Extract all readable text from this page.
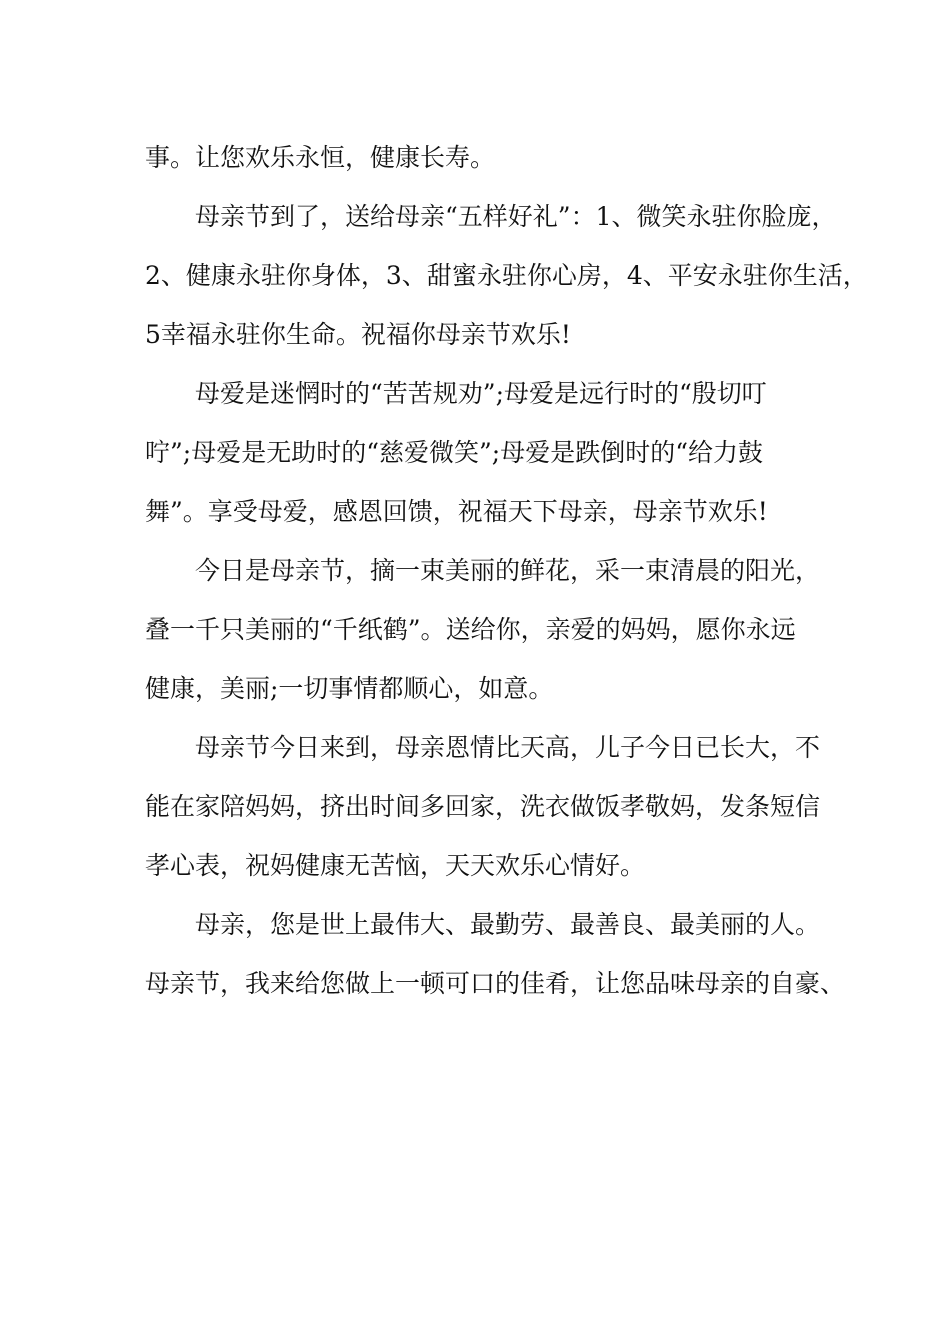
事。让您欢乐永恒，健康长寿。
母亲节到了，送给母亲“五样好礼”：1、微笑永驻你脸庞，
2、健康永驻你身体，3、甜蜜永驻你心房，4、平安永驻你生活，
5幸福永驻你生命。祝福你母亲节欢乐!
母爱是迷惘时的“苦苦规劝”;母爱是远行时的“殷切叮
咛”;母爱是无助时的“慈爱微笑”;母爱是跌倒时的“给力鼓
舞”。享受母爱，感恩回馈，祝福天下母亲，母亲节欢乐!
今日是母亲节，摘一束美丽的鲜花，采一束清晨的阳光，
叠一千只美丽的“千纸鹤”。送给你，亲爱的妈妈，愿你永远
健康，美丽;一切事情都顺心，如意。
母亲节今日来到，母亲恩情比天高，儿子今日已长大，不
能在家陪妈妈，挤出时间多回家，洗衣做饭孝敬妈，发条短信
孝心表，祝妈健康无苦恼，天天欢乐心情好。
母亲，您是世上最伟大、最勤劳、最善良、最美丽的人。
母亲节，我来给您做上一顿可口的佳肴，让您品味母亲的自豪、
